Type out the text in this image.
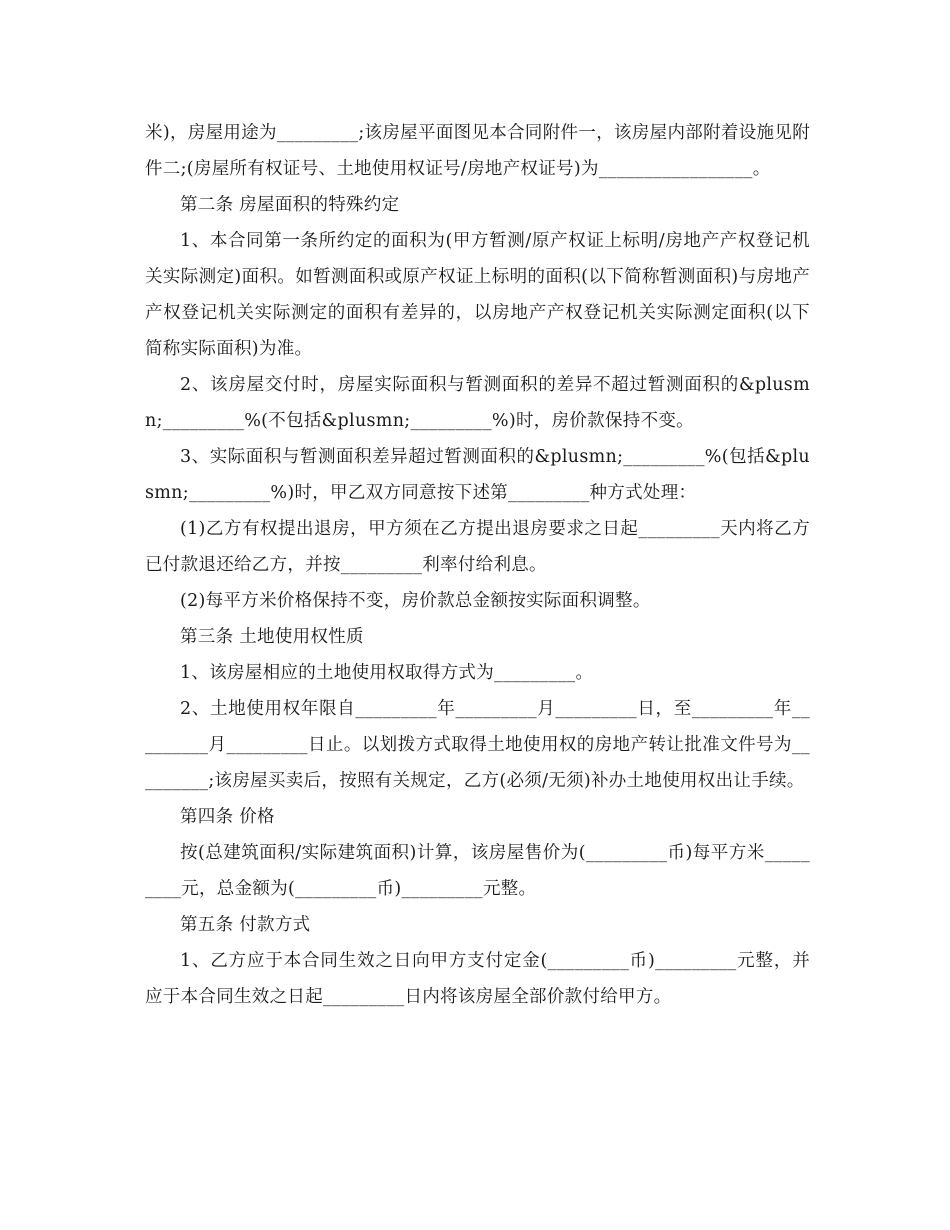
米)，房屋用途为_________;该房屋平面图见本合同附件一，该房屋内部附着设施见附件二;(房屋所有权证号、土地使用权证号/房地产权证号)为_________________。

第二条 房屋面积的特殊约定

1、本合同第一条所约定的面积为(甲方暂测/原产权证上标明/房地产产权登记机关实际测定)面积。如暂测面积或原产权证上标明的面积(以下简称暂测面积)与房地产产权登记机关实际测定的面积有差异的，以房地产产权登记机关实际测定面积(以下简称实际面积)为准。

2、该房屋交付时，房屋实际面积与暂测面积的差异不超过暂测面积的&plusmn;_________%(不包括&plusmn;_________%)时，房价款保持不变。

3、实际面积与暂测面积差异超过暂测面积的&plusmn;_________%(包括&plusmn;_________%)时，甲乙双方同意按下述第_________种方式处理：

(1)乙方有权提出退房，甲方须在乙方提出退房要求之日起_________天内将乙方已付款退还给乙方，并按_________利率付给利息。

(2)每平方米价格保持不变，房价款总金额按实际面积调整。

第三条 土地使用权性质

1、该房屋相应的土地使用权取得方式为_________。

2、土地使用权年限自_________年_________月_________日，至_________年_________月_________日止。以划拨方式取得土地使用权的房地产转让批准文件号为_________;该房屋买卖后，按照有关规定，乙方(必须/无须)补办土地使用权出让手续。

第四条 价格

按(总建筑面积/实际建筑面积)计算，该房屋售价为(_________币)每平方米_________元，总金额为(_________币)_________元整。

第五条 付款方式

1、乙方应于本合同生效之日向甲方支付定金(_________币)_________元整，并应于本合同生效之日起_________日内将该房屋全部价款付给甲方。
